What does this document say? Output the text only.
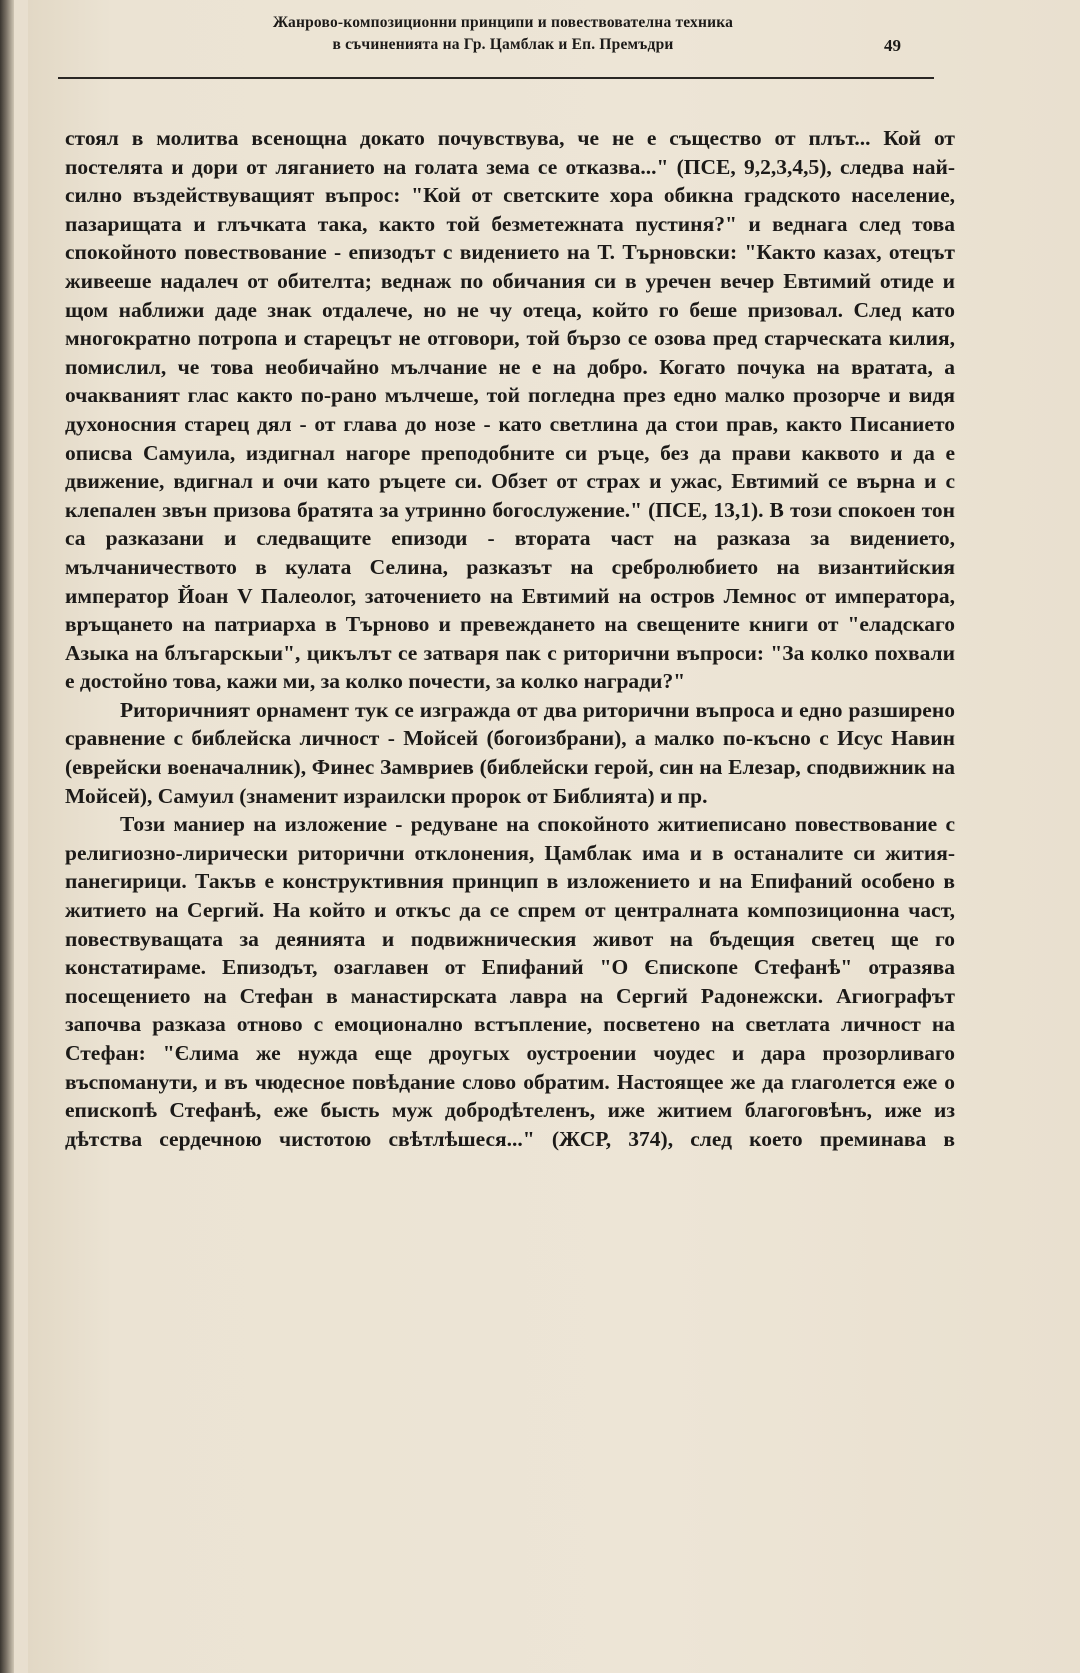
Жанрово-композиционни принципи и повествователна техника
в съчиненията на Гр. Цамблак и Еп. Премъдри	49

стоял в молитва всенощна докато почувствува, че не е същество от плът... Кой от постелята и дори от ляганието на голата зема се отказва..." (ПСЕ, 9,2,3,4,5), следва най-силно въздействуващият въпрос: "Кой от светските хора обикна градското население, пазарищата и глъчката така, както той безметежната пустиня?" и веднага след това спокойното повествование - епизодът с видението на Т. Търновски: "Както казах, отецът живееше надалеч от обителта; веднаж по обичания си в уречен вечер Евтимий отиде и щом наближи даде знак отдалече, но не чу отеца, който го беше призовал. След като многократно потропа и старецът не отговори, той бързо се озова пред старческата килия, помислил, че това необичайно мълчание не е на добро. Когато почука на вратата, а очакваният глас както по-рано мълчеше, той погледна през едно малко прозорче и видя духоносния старец дял - от глава до нозе - като светлина да стои прав, както Писанието описва Самуила, издигнал нагоре преподобните си ръце, без да прави каквото и да е движение, вдигнал и очи като ръцете си. Обзет от страх и ужас, Евтимий се върна и с клепален звън призова братята за утринно богослужение." (ПСЕ, 13,1). В този спокоен тон са разказани и следващите епизоди - втората част на разказа за видението, мълчаничеството в кулата Селина, разказът на сребролюбието на византийския император Йоан V Палеолог, заточението на Евтимий на остров Лемнос от императора, връщането на патриарха в Търново и превеждането на свещените книги от "еладскаго Азыка на блъгарскыи", цикълът се затваря пак с риторични въпроси: "За колко похвали е достойно това, кажи ми, за колко почести, за колко награди?"

Риторичният орнамент тук се изгражда от два риторични въпроса и едно разширено сравнение с библейска личност - Мойсей (богоизбрани), а малко по-късно с Исус Навин (еврейски военачалник), Финес Замвриев (библейски герой, син на Елезар, сподвижник на Мойсей), Самуил (знаменит израилски пророк от Библията) и пр.

Този маниер на изложение - редуване на спокойното житиеписано повествование с религиозно-лирически риторични отклонения, Цамблак има и в останалите си жития-панегирици. Такъв е конструктивния принцип в изложението и на Епифаний особено в житието на Сергий. На който и откъс да се спрем от централната композиционна част, повествуващата за деянията и подвижническия живот на бъдещия светец ще го констатираме. Епизодът, озаглавен от Епифаний "О Єпископе Стефанѣ" отразява посещението на Стефан в манастирската лавра на Сергий Радонежски. Агиографът започва разказа отново с емоционално встъпление, посветено на светлата личност на Стефан: "Єлима же нужда еще дроугых оустроении чоудес и дара прозорливаго въспоманути, и въ чюдесное повѣдание слово обратим. Настоящее же да глаголется еже о епископѣ Стефанѣ, еже бысть муж добродѣтеленъ, иже житием благоговѣнъ, иже из дѣтства сердечною чистотою свѣтлѣшеся..." (ЖСР, 374), след което преминава в
